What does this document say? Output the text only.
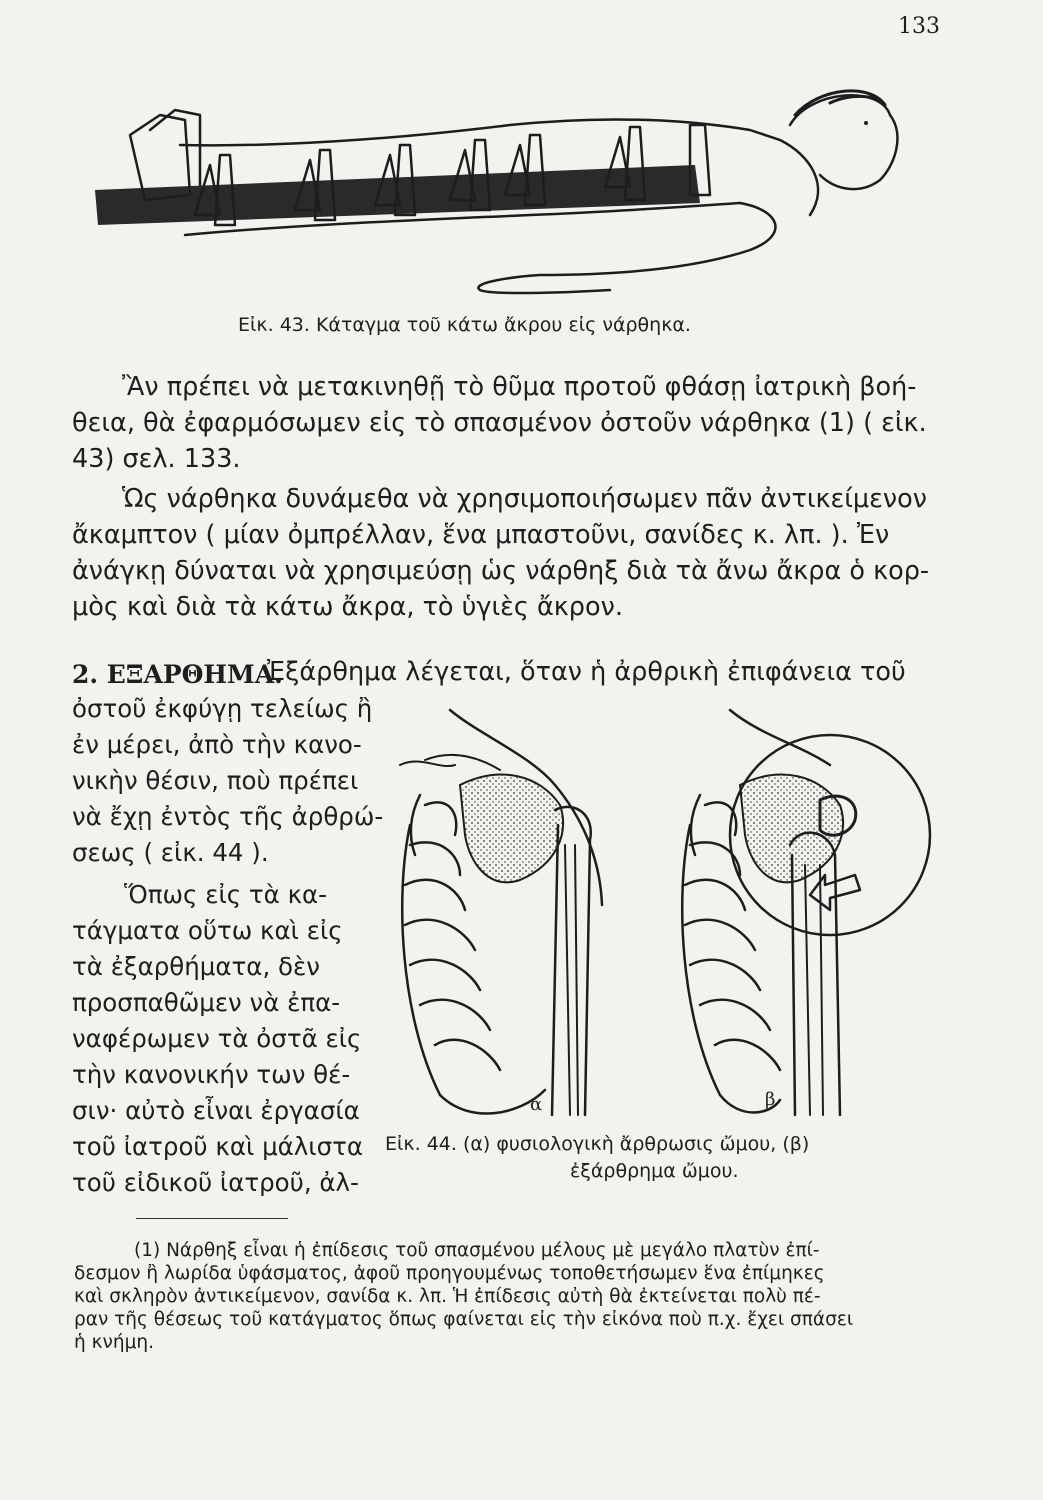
133
Εἰκ. 43. Κάταγμα τοῦ κάτω ἄκρου εἰς νάρθηκα.
Ἂν πρέπει νὰ μετακινηθῇ τὸ θῦμα προτοῦ φθάσῃ ἰατρικὴ βοή-
θεια, θὰ ἐφαρμόσωμεν εἰς τὸ σπασμένον ὀστοῦν νάρθηκα (1) ( εἰκ.
43) σελ. 133.
Ὡς νάρθηκα δυνάμεθα νὰ χρησιμοποιήσωμεν πᾶν ἀντικείμενον
ἄκαμπτον ( μίαν ὀμπρέλλαν, ἕνα μπαστοῦνι, σανίδες κ. λπ. ). Ἐν
ἀνάγκῃ δύναται νὰ χρησιμεύσῃ ὡς νάρθηξ διὰ τὰ ἄνω ἄκρα ὁ κορ-
μὸς καὶ διὰ τὰ κάτω ἄκρα, τὸ ὑγιὲς ἄκρον.
2. ΕΞΑΡΘΗΜΑ.
Ἐξάρθημα λέγεται, ὅταν ἡ ἀρθρικὴ ἐπιφάνεια τοῦ
ὀστοῦ ἐκφύγῃ τελείως ἢ
ἐν μέρει, ἀπὸ τὴν κανο-
νικὴν θέσιν, ποὺ πρέπει
νὰ ἔχῃ ἐντὸς τῆς ἀρθρώ-
σεως ( εἰκ. 44 ).
Ὅπως εἰς τὰ κα-
τάγματα οὕτω καὶ εἰς
τὰ ἐξαρθήματα, δὲν
προσπαθῶμεν νὰ ἐπα-
ναφέρωμεν τὰ ὀστᾶ εἰς
τὴν κανονικήν των θέ-
σιν· αὐτὸ εἶναι ἐργασία
τοῦ ἰατροῦ καὶ μάλιστα
τοῦ εἰδικοῦ ἰατροῦ, ἀλ-
α	β
Εἰκ. 44. (α) φυσιολογικὴ ἄρθρωσις ὤμου, (β)
ἐξάρθρημα ὤμου.
(1) Νάρθηξ εἶναι ἡ ἐπίδεσις τοῦ σπασμένου μέλους μὲ μεγάλο πλατὺν ἐπί-
δεσμον ἢ λωρίδα ὑφάσματος, ἀφοῦ προηγουμένως τοποθετήσωμεν ἕνα ἐπίμηκες
καὶ σκληρὸν ἀντικείμενον, σανίδα κ. λπ. Ἡ ἐπίδεσις αὐτὴ θὰ ἐκτείνεται πολὺ πέ-
ραν τῆς θέσεως τοῦ κατάγματος ὅπως φαίνεται εἰς τὴν εἰκόνα ποὺ π.χ. ἔχει σπάσει
ἡ κνήμη.
